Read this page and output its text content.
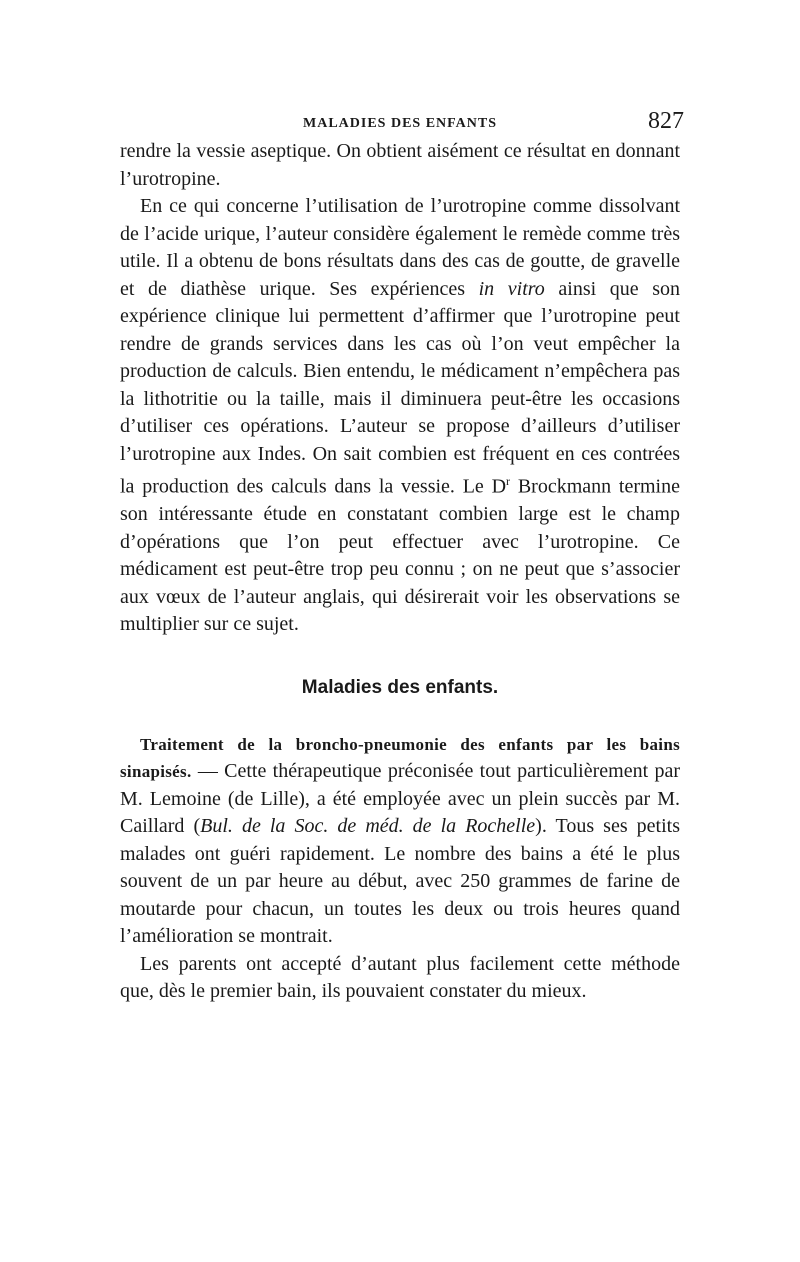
MALADIES DES ENFANTS	827

rendre la vessie aseptique. On obtient aisément ce résultat en donnant l’urotropine.

En ce qui concerne l’utilisation de l’urotropine comme dissolvant de l’acide urique, l’auteur considère également le remède comme très utile. Il a obtenu de bons résultats dans des cas de goutte, de gravelle et de diathèse urique. Ses expériences in vitro ainsi que son expérience clinique lui permettent d’affirmer que l’urotropine peut rendre de grands services dans les cas où l’on veut empêcher la production de calculs. Bien entendu, le médicament n’empêchera pas la lithotritie ou la taille, mais il diminuera peut-être les occasions d’utiliser ces opérations. L’auteur se propose d’ailleurs d’utiliser l’urotropine aux Indes. On sait combien est fréquent en ces contrées la production des calculs dans la vessie. Le $D^r$ Brockmann termine son intéressante étude en constatant combien large est le champ d’opérations que l’on peut effectuer avec l’urotropine. Ce médicament est peut-être trop peu connu ; on ne peut que s’associer aux vœux de l’auteur anglais, qui désirerait voir les observations se multiplier sur ce sujet.

Maladies des enfants.

Traitement de la broncho-pneumonie des enfants par les bains sinapisés. — Cette thérapeutique préconisée tout particulièrement par M. Lemoine (de Lille), a été employée avec un plein succès par M. Caillard (Bul. de la Soc. de méd. de la Rochelle). Tous ses petits malades ont guéri rapidement. Le nombre des bains a été le plus souvent de un par heure au début, avec 250 grammes de farine de moutarde pour chacun, un toutes les deux ou trois heures quand l’amélioration se montrait.

Les parents ont accepté d’autant plus facilement cette méthode que, dès le premier bain, ils pouvaient constater du mieux.
